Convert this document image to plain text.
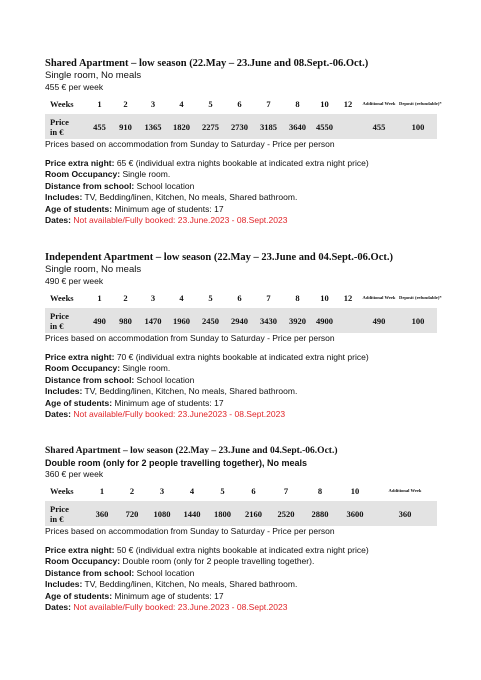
Shared Apartment – low season (22.May – 23.June and 08.Sept.-06.Oct.)
Single room, No meals
455 € per week
Weeks	1	2	3	4	5	6	7	8	10	12	Additional Week	Deposit (refundable)*

Price
in €	455	910	1365	1820	2275	2730	3185	3640	4550		455	100
Prices based on accommodation from Sunday to Saturday - Price per person
Price extra night: 65 € (individual extra nights bookable at indicated extra night price)
Room Occupancy: Single room.
Distance from school: School location
Includes: TV, Bedding/linen, Kitchen, No meals, Shared bathroom.
Age of students: Minimum age of students: 17
Dates: Not available/Fully booked: 23.June.2023 - 08.Sept.2023
Independent Apartment – low season (22.May – 23.June and 04.Sept.-06.Oct.)
Single room, No meals
490 € per week
Weeks	1	2	3	4	5	6	7	8	10	12	Additional Week	Deposit (refundable)*

Price
in €	490	980	1470	1960	2450	2940	3430	3920	4900		490	100
Prices based on accommodation from Sunday to Saturday - Price per person
Price extra night: 70 € (individual extra nights bookable at indicated extra night price)
Room Occupancy: Single room.
Distance from school: School location
Includes: TV, Bedding/linen, Kitchen, No meals, Shared bathroom.
Age of students: Minimum age of students: 17
Dates: Not available/Fully booked: 23.June2023 - 08.Sept.2023
Shared Apartment – low season (22.May – 23.June and 04.Sept.-06.Oct.)
Double room (only for 2 people travelling together), No meals
360 € per week
Weeks	1	2	3	4	5	6	7	8	10	Additional Week

Price
in €	360	720	1080	1440	1800	2160	2520	2880	3600	360
Prices based on accommodation from Sunday to Saturday - Price per person
Price extra night: 50 € (individual extra nights bookable at indicated extra night price)
Room Occupancy: Double room (only for 2 people travelling together).
Distance from school: School location
Includes: TV, Bedding/linen, Kitchen, No meals, Shared bathroom.
Age of students: Minimum age of students: 17
Dates: Not available/Fully booked: 23.June.2023 - 08.Sept.2023
